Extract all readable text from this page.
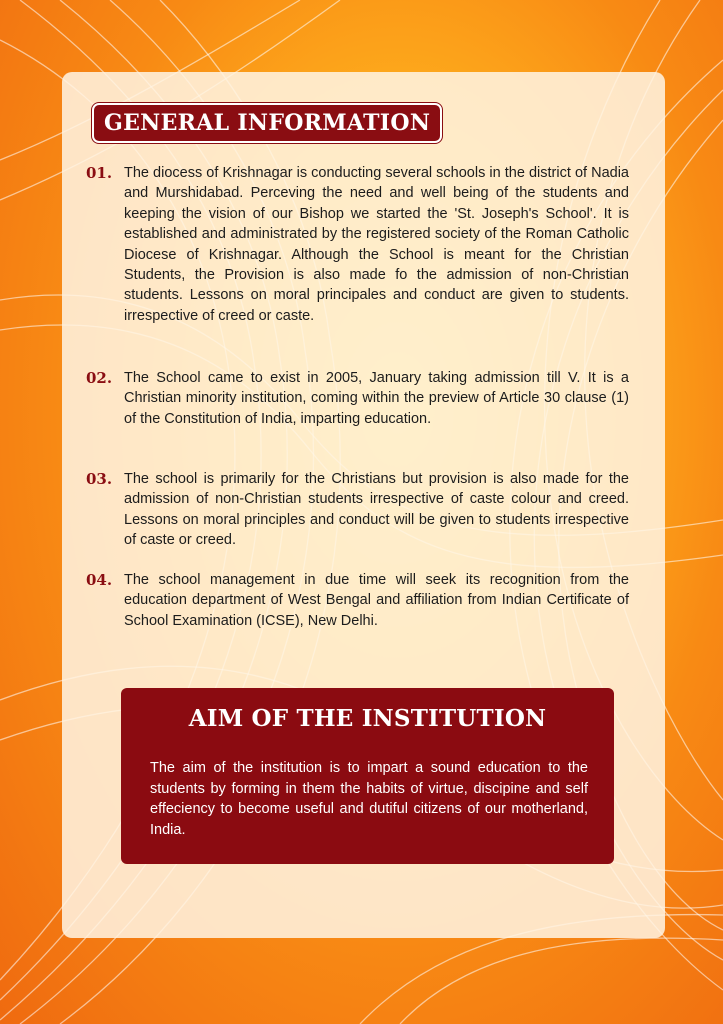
GENERAL INFORMATION
01. The diocess of Krishnagar is conducting several schools in the district of Nadia and Murshidabad. Perceving the need and well being of the students and keeping the vision of our Bishop we started the 'St. Joseph's School'. It is established and administrated by the registered society of the Roman Catholic Diocese of Krishnagar. Although the School is meant for the Christian Students, the Provision is also made fo the admission of non-Christian students. Lessons on moral principales and conduct are given to students. irrespective of creed or caste.
02. The School came to exist in 2005, January taking admission till V. It is a Christian minority institution, coming within the preview of Article 30 clause (1) of the Constitution of India, imparting education.
03. The school is primarily for the Christians but provision is also made for the admission of non-Christian students irrespective of caste colour and creed. Lessons on moral principles and conduct will be given to students irrespective of caste or creed.
04. The school management in due time will seek its recognition from the education department of West Bengal and affiliation from Indian Certificate of School Examination (ICSE), New Delhi.
AIM OF THE INSTITUTION
The aim of the institution is to impart a sound education to the students by forming in them the habits of virtue, discipine and self effeciency to become useful and dutiful citizens of our motherland, India.
